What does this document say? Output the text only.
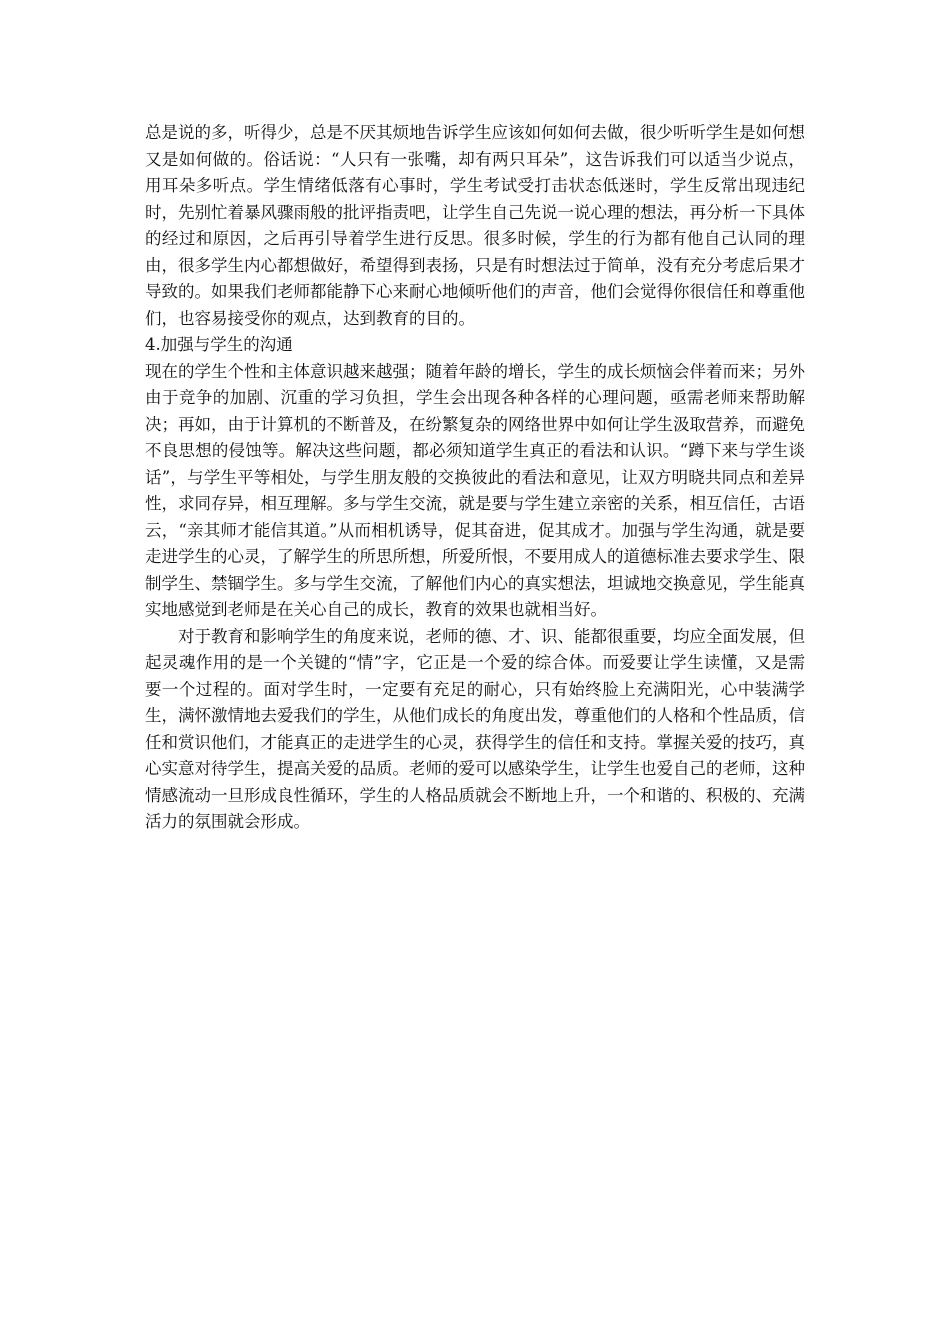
总是说的多，听得少，总是不厌其烦地告诉学生应该如何如何去做，很少听听学生是如何想又是如何做的。俗话说：“人只有一张嘴，却有两只耳朵”，这告诉我们可以适当少说点，用耳朵多听点。学生情绪低落有心事时，学生考试受打击状态低迷时，学生反常出现违纪时，先别忙着暴风骤雨般的批评指责吧，让学生自己先说一说心理的想法，再分析一下具体的经过和原因，之后再引导着学生进行反思。很多时候，学生的行为都有他自己认同的理由，很多学生内心都想做好，希望得到表扬，只是有时想法过于简单，没有充分考虑后果才导致的。如果我们老师都能静下心来耐心地倾听他们的声音，他们会觉得你很信任和尊重他们，也容易接受你的观点，达到教育的目的。

4.加强与学生的沟通

现在的学生个性和主体意识越来越强；随着年龄的增长，学生的成长烦恼会伴着而来；另外由于竞争的加剧、沉重的学习负担，学生会出现各种各样的心理问题，亟需老师来帮助解决；再如，由于计算机的不断普及，在纷繁复杂的网络世界中如何让学生汲取营养，而避免不良思想的侵蚀等。解决这些问题，都必须知道学生真正的看法和认识。“蹲下来与学生谈话”，与学生平等相处，与学生朋友般的交换彼此的看法和意见，让双方明晓共同点和差异性，求同存异，相互理解。多与学生交流，就是要与学生建立亲密的关系，相互信任，古语云，“亲其师才能信其道。”从而相机诱导，促其奋进，促其成才。加强与学生沟通，就是要走进学生的心灵，了解学生的所思所想，所爱所恨，不要用成人的道德标准去要求学生、限制学生、禁锢学生。多与学生交流，了解他们内心的真实想法，坦诚地交换意见，学生能真实地感觉到老师是在关心自己的成长，教育的效果也就相当好。

对于教育和影响学生的角度来说，老师的德、才、识、能都很重要，均应全面发展，但起灵魂作用的是一个关键的“情”字，它正是一个爱的综合体。而爱要让学生读懂，又是需要一个过程的。面对学生时，一定要有充足的耐心，只有始终脸上充满阳光，心中装满学生，满怀激情地去爱我们的学生，从他们成长的角度出发，尊重他们的人格和个性品质，信任和赏识他们，才能真正的走进学生的心灵，获得学生的信任和支持。掌握关爱的技巧，真心实意对待学生，提高关爱的品质。老师的爱可以感染学生，让学生也爱自己的老师，这种情感流动一旦形成良性循环，学生的人格品质就会不断地上升，一个和谐的、积极的、充满活力的氛围就会形成。
